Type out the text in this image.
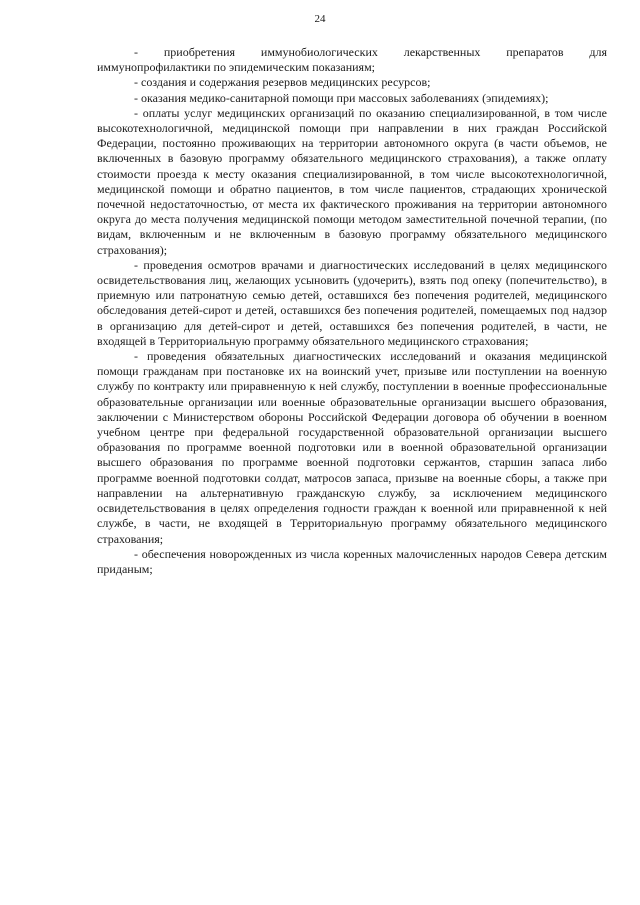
24

- приобретения иммунобиологических лекарственных препаратов для иммунопрофилактики по эпидемическим показаниям;

- создания и содержания резервов медицинских ресурсов;

- оказания медико-санитарной помощи при массовых заболеваниях (эпидемиях);

- оплаты услуг медицинских организаций по оказанию специализированной, в том числе высокотехнологичной, медицинской помощи при направлении в них граждан Российской Федерации, постоянно проживающих на территории автономного округа (в части объемов, не включенных в базовую программу обязательного медицинского страхования), а также оплату стоимости проезда к месту оказания специализированной, в том числе высокотехнологичной, медицинской помощи и обратно пациентов, в том числе пациентов, страдающих хронической почечной недостаточностью, от места их фактического проживания на территории автономного округа до места получения медицинской помощи методом заместительной почечной терапии, (по видам, включенным и не включенным в базовую программу обязательного медицинского страхования);

- проведения осмотров врачами и диагностических исследований в целях медицинского освидетельствования лиц, желающих усыновить (удочерить), взять под опеку (попечительство), в приемную или патронатную семью детей, оставшихся без попечения родителей, медицинского обследования детей-сирот и детей, оставшихся без попечения родителей, помещаемых под надзор в организацию для детей-сирот и детей, оставшихся без попечения родителей, в части, не входящей в Территориальную программу обязательного медицинского страхования;

- проведения обязательных диагностических исследований и оказания медицинской помощи гражданам при постановке их на воинский учет, призыве или поступлении на военную службу по контракту или приравненную к ней службу, поступлении в военные профессиональные образовательные организации или военные образовательные организации высшего образования, заключении с Министерством обороны Российской Федерации договора об обучении в военном учебном центре при федеральной государственной образовательной организации высшего образования по программе военной подготовки или в военной образовательной организации высшего образования по программе военной подготовки сержантов, старшин запаса либо программе военной подготовки солдат, матросов запаса, призыве на военные сборы, а также при направлении на альтернативную гражданскую службу, за исключением медицинского освидетельствования в целях определения годности граждан к военной или приравненной к ней службе, в части, не входящей в Территориальную программу обязательного медицинского страхования;

- обеспечения новорожденных из числа коренных малочисленных народов Севера детским приданым;
